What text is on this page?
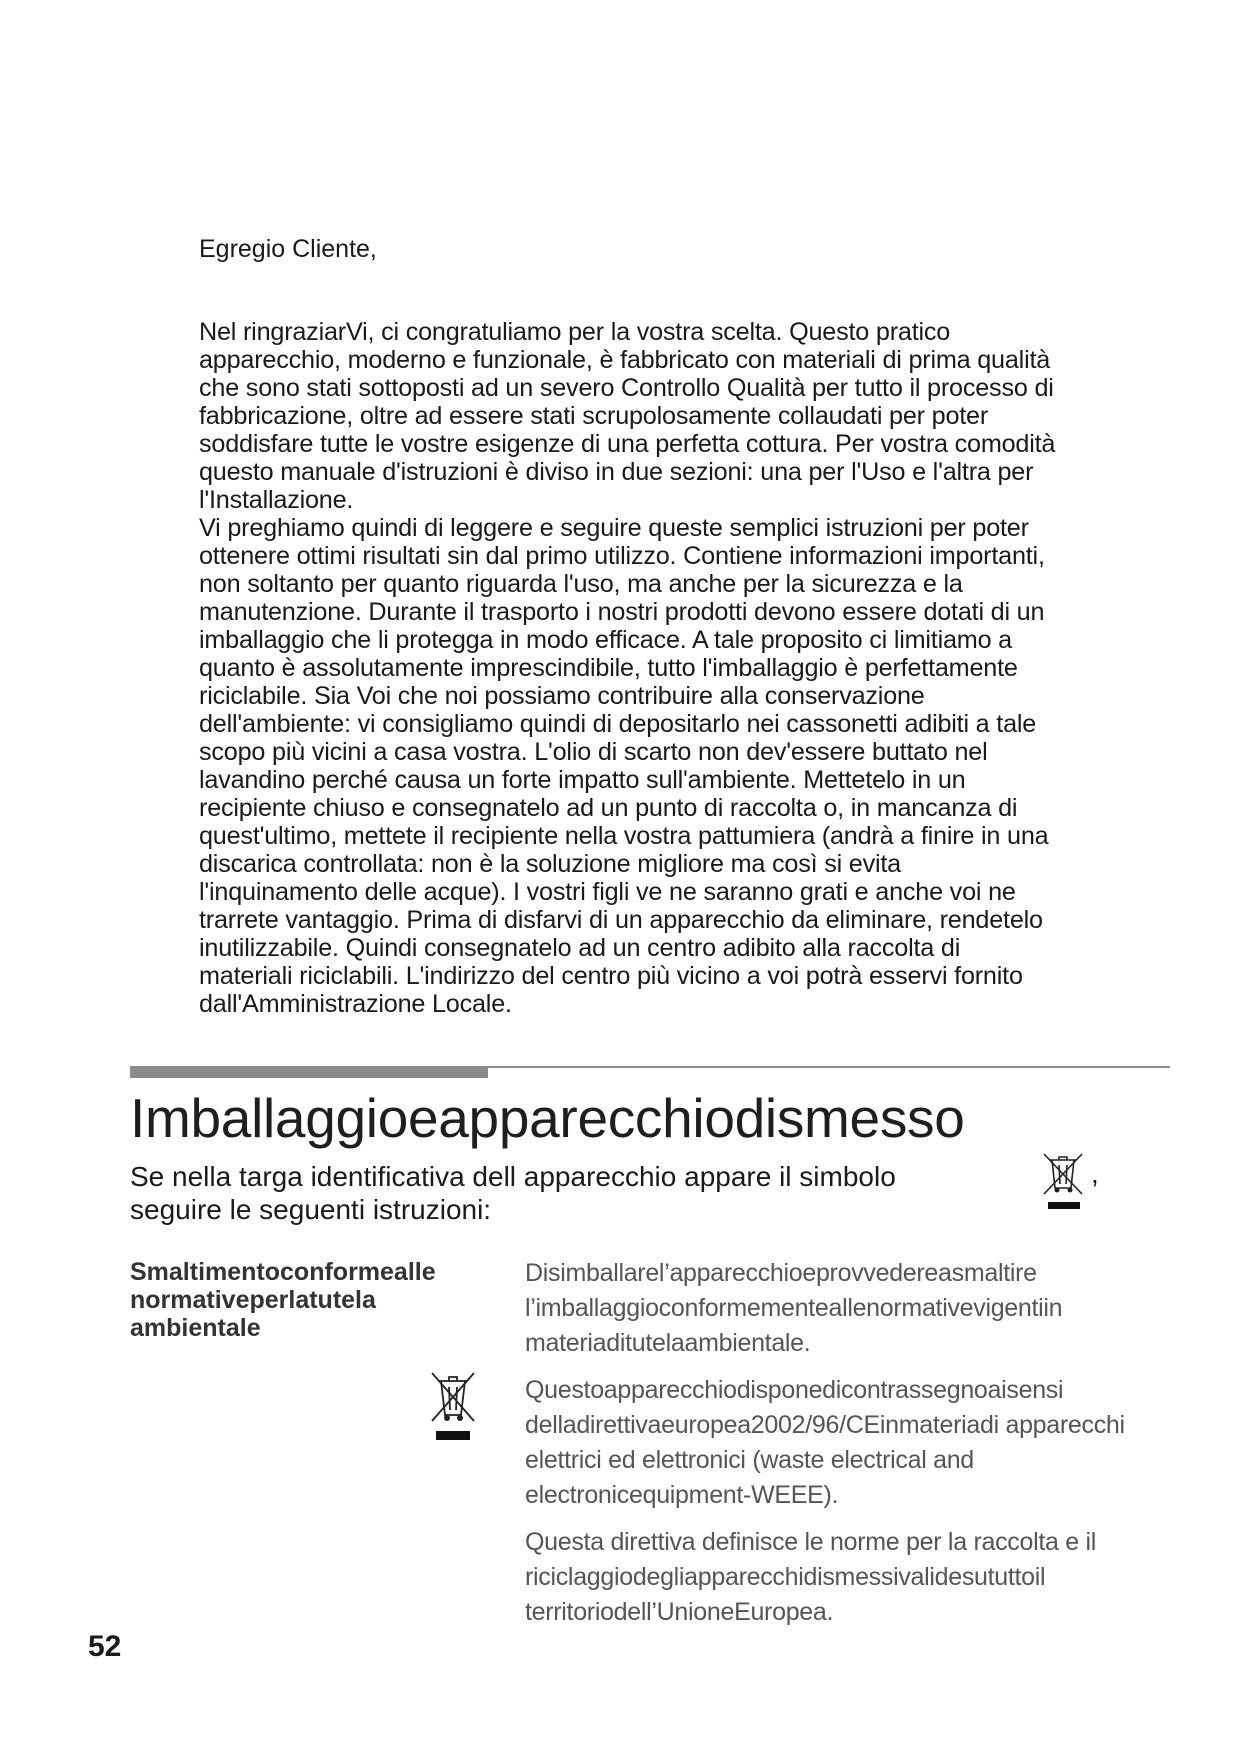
Egregio Cliente,

Nel ringraziarVi, ci congratuliamo per la vostra scelta. Questo pratico apparecchio, moderno e funzionale, è fabbricato con materiali di prima qualità che sono stati sottoposti ad un severo Controllo Qualità per tutto il processo di fabbricazione, oltre ad essere stati scrupolosamente collaudati per poter soddisfare tutte le vostre esigenze di una perfetta cottura. Per vostra comodità questo manuale d'istruzioni è diviso in due sezioni: una per l'Uso e l'altra per l'Installazione.

Vi preghiamo quindi di leggere e seguire queste semplici istruzioni per poter ottenere ottimi risultati sin dal primo utilizzo. Contiene informazioni importanti, non soltanto per quanto riguarda l'uso, ma anche per la sicurezza e la manutenzione. Durante il trasporto i nostri prodotti devono essere dotati di un imballaggio che li protegga in modo efficace. A tale proposito ci limitiamo a quanto è assolutamente imprescindibile, tutto l'imballaggio è perfettamente riciclabile. Sia Voi che noi possiamo contribuire alla conservazione dell'ambiente: vi consigliamo quindi di depositarlo nei cassonetti adibiti a tale scopo più vicini a casa vostra. L'olio di scarto non dev'essere buttato nel lavandino perché causa un forte impatto sull'ambiente. Mettetelo in un recipiente chiuso e consegnatelo ad un punto di raccolta o, in mancanza di quest'ultimo, mettete il recipiente nella vostra pattumiera (andrà a finire in una discarica controllata: non è la soluzione migliore ma così si evita l'inquinamento delle acque). I vostri figli ve ne saranno grati e anche voi ne trarrete vantaggio. Prima di disfarvi di un apparecchio da eliminare, rendetelo inutilizzabile. Quindi consegnatelo ad un centro adibito alla raccolta di materiali riciclabili. L'indirizzo del centro più vicino a voi potrà esservi fornito dall'Amministrazione Locale.

Imballaggioeapparecchiodismesso
Se nella targa identificativa dell apparecchio appare il simbolo
seguire le seguenti istruzioni:
,
Smaltimentoconformealle normativeperlatutela ambientale

Disimballarel’apparecchioeprovvedereasmaltire l’imballaggioconformementeallenormativevigentiin materiaditutelaambientale.

Questoapparecchiodisponedicontrassegnoaisensi delladirettivaeuropea2002/96/CEinmateriadi apparecchi elettrici ed elettronici (waste electrical and electronicequipment-WEEE).

Questa direttiva definisce le norme per la raccolta e il riciclaggiodegliapparecchidismessivalidesututtoil territoriodell’UnioneEuropea.

52
